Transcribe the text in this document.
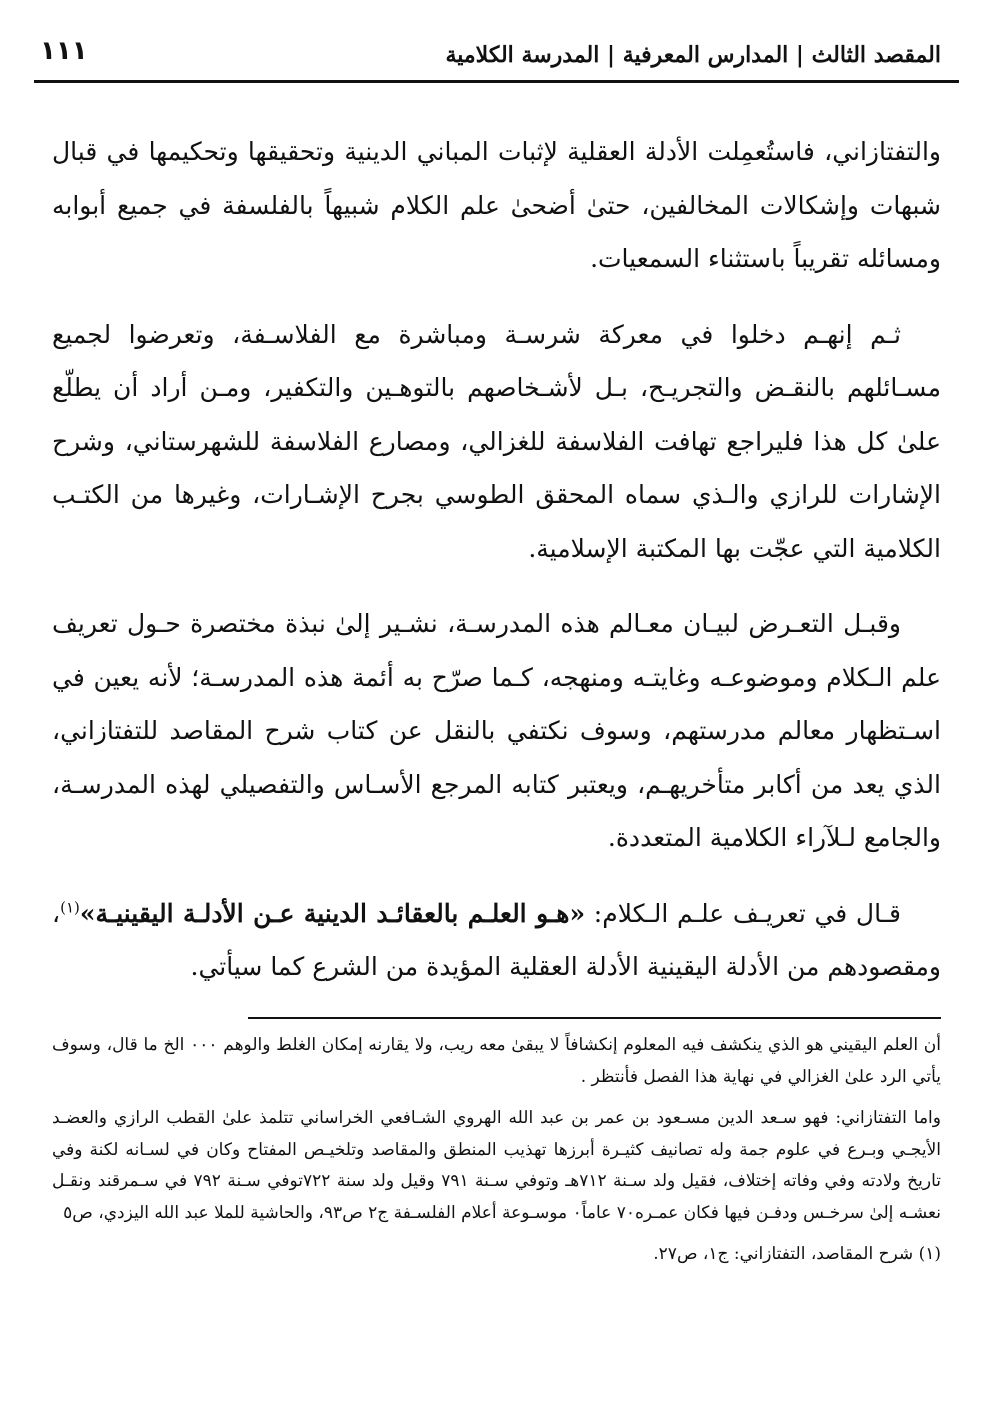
١١١	المقصد الثالث | المدارس المعرفية | المدرسة الكلامية

والتفتازاني، فاستُعمِلت الأدلة العقلية لإثبات المباني الدينية وتحقيقها وتحكيمها في قبال شبهات وإشكالات المخالفين، حتىٰ أضحىٰ علم الكلام شبيهاً بالفلسفة في جميع أبوابه ومسائله تقريباً باستثناء السمعيات.

ثـم إنهـم دخلوا في معركة شرسـة ومباشرة مع الفلاسـفة، وتعرضوا لجميع مسـائلهم بالنقـض والتجريـح، بـل لأشـخاصهم بالتوهـين والتكفير، ومـن أراد أن يطلّع علىٰ كل هذا فليراجع تهافت الفلاسفة للغزالي، ومصارع الفلاسفة للشهرستاني، وشرح الإشارات للرازي والـذي سماه المحقق الطوسي بجرح الإشـارات، وغيرها من الكتـب الكلامية التي عجّت بها المكتبة الإسلامية.

وقبـل التعـرض لبيـان معـالم هذه المدرسـة، نشـير إلىٰ نبذة مختصرة حـول تعريف علم الـكلام وموضوعـه وغايتـه ومنهجه، كـما صرّح به أئمة هذه المدرسـة؛ لأنه يعين في اسـتظهار معالم مدرستهم، وسوف نكتفي بالنقل عن كتاب شرح المقاصد للتفتازاني، الذي يعد من أكابر متأخريهـم، ويعتبر كتابه المرجع الأسـاس والتفصيلي لهذه المدرسـة، والجامع لـلآراء الكلامية المتعددة.

قـال في تعريـف علـم الـكلام: «هـو العلـم بالعقائـد الدينية عـن الأدلـة اليقينيـة»$^{(١)}$، ومقصودهم من الأدلة اليقينية الأدلة العقلية المؤيدة من الشرع كما سيأتي.

أن العلم اليقيني هو الذي ينكشف فيه المعلوم إنكشافاً لا يبقىٰ معه ريب، ولا يقارنه إمكان الغلط والوهم ٠٠٠ الخ ما قال، وسوف يأتي الرد علىٰ الغزالي في نهاية هذا الفصل فأنتظر .

واما التفتازاني: فهو سـعد الدين مسـعود بن عمر بن عبد الله الهروي الشـافعي الخراساني تتلمذ علىٰ القطب الرازي والعضـد الأيجـي وبـرع في علوم جمة وله تصانيف كثيـرة أبرزها تهذيب المنطق والمقاصد وتلخيـص المفتاح وكان في لسـانه لكنة وفي تاريخ ولادته وفي وفاته إختلاف، فقيل ولد سـنة ٧١٢هـ وتوفي سـنة ٧٩١ وقيل ولد سنة ٧٢٢توفي سـنة ٧٩٢ في سـمرقند ونقـل نعشـه إلىٰ سرخـس ودفـن فيها فكان عمـره٧٠ عاماً٠ موسـوعة أعلام الفلسـفة ج٢ ص٩٣، والحاشية للملا عبد الله اليزدي، ص٥

(١) شرح المقاصد، التفتازاني: ج١، ص٢٧.
